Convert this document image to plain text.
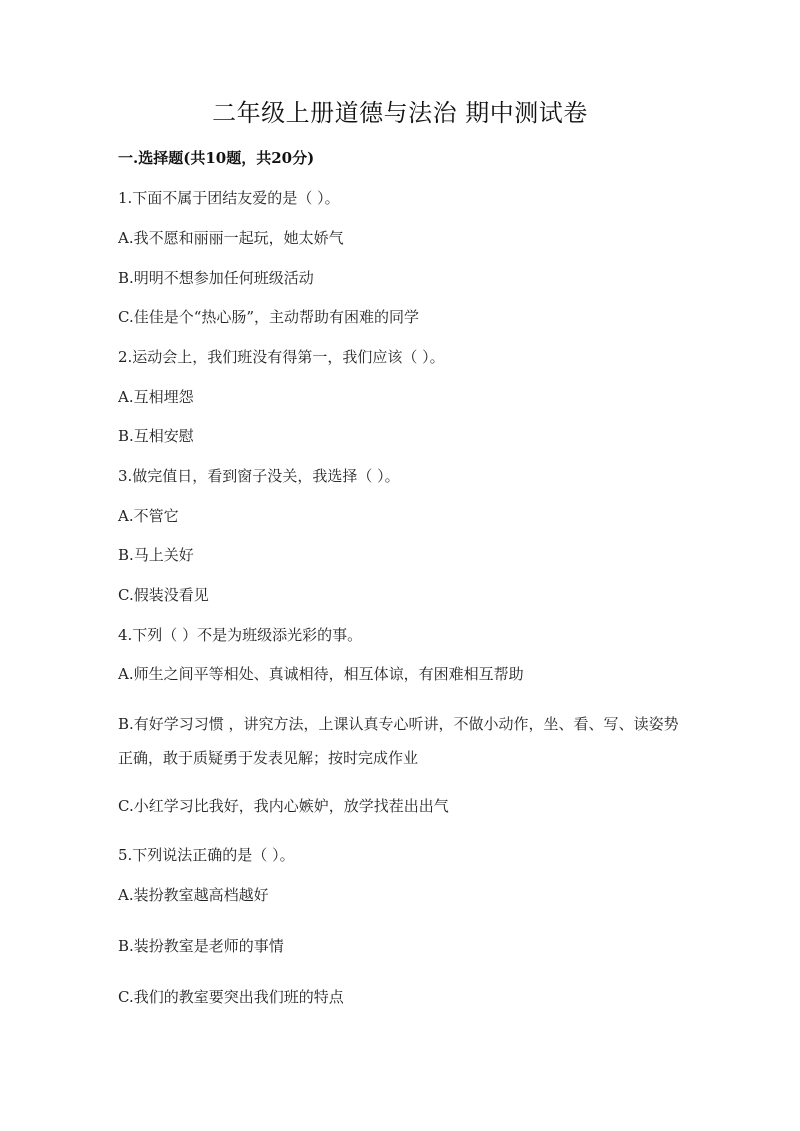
二年级上册道德与法治 期中测试卷
一.选择题(共10题，共20分)
1.下面不属于团结友爱的是（ ）。
A.我不愿和丽丽一起玩，她太娇气
B.明明不想参加任何班级活动
C.佳佳是个“热心肠”，主动帮助有困难的同学
2.运动会上，我们班没有得第一，我们应该（ ）。
A.互相埋怨
B.互相安慰
3.做完值日，看到窗子没关，我选择（ ）。
A.不管它
B.马上关好
C.假装没看见
4.下列（ ）不是为班级添光彩的事。
A.师生之间平等相处、真诚相待，相互体谅，有困难相互帮助
B.有好学习习惯 ，讲究方法，上课认真专心听讲，不做小动作，坐、看、写、读姿势正确，敢于质疑勇于发表见解；按时完成作业
C.小红学习比我好，我内心嫉妒，放学找茬出出气
5.下列说法正确的是（ ）。
A.装扮教室越高档越好
B.装扮教室是老师的事情
C.我们的教室要突出我们班的特点
